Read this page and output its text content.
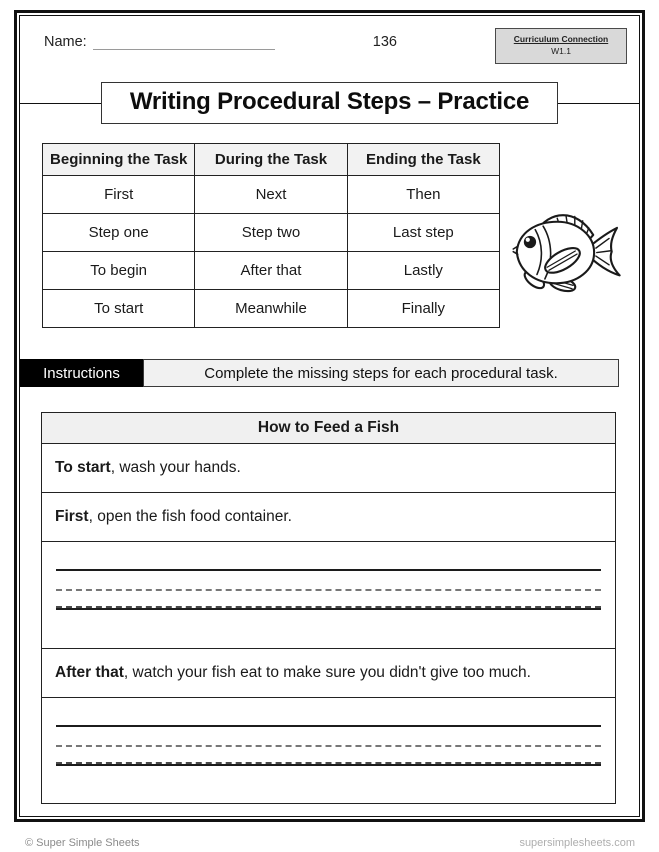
Name:	136	Curriculum Connection
W1.1
Writing Procedural Steps – Practice
Beginning the Task	During the Task	Ending the Task
First	Next	Then
Step one	Step two	Last step
To begin	After that	Lastly
To start	Meanwhile	Finally
Instructions	Complete the missing steps for each procedural task.
How to Feed a Fish
To start, wash your hands.
First, open the fish food container.
After that, watch your fish eat to make sure you didn't give too much.
© Super Simple Sheets	supersimplesheets.com
